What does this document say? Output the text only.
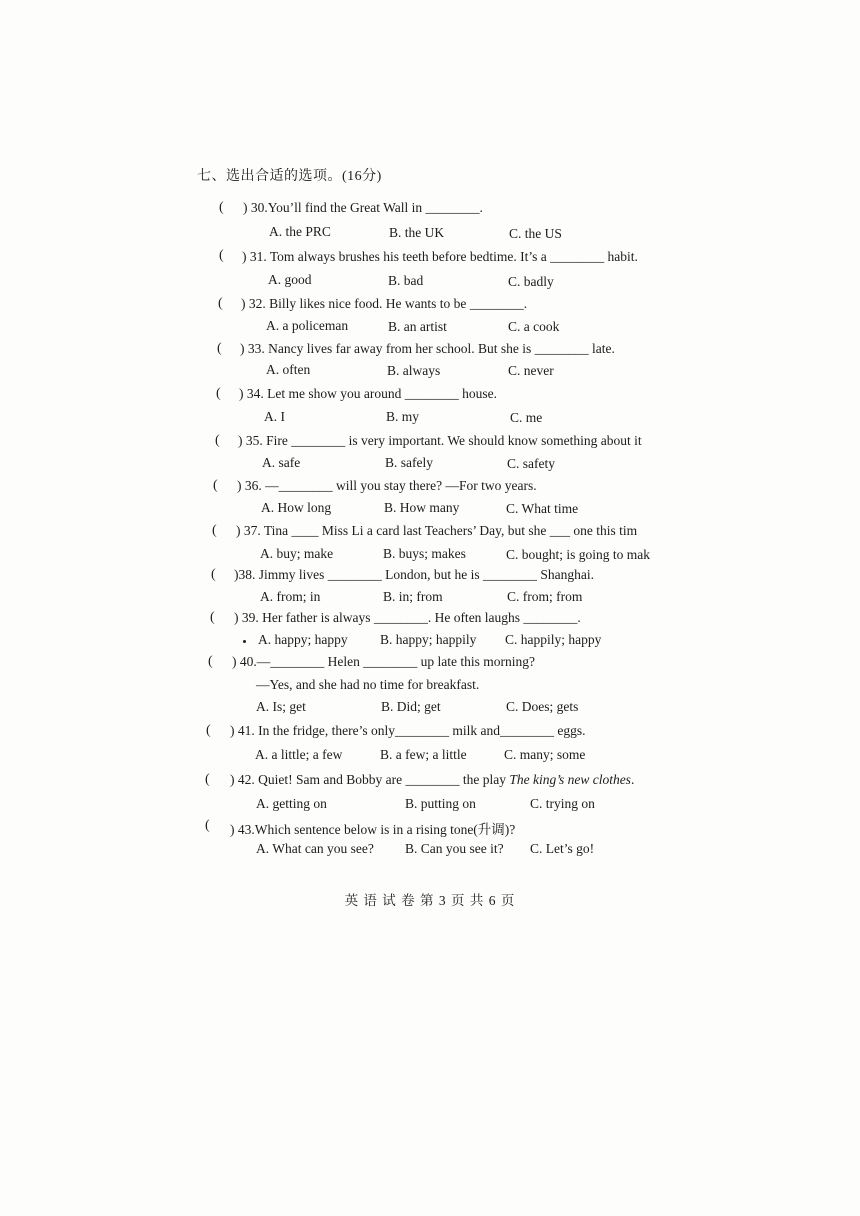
七、选出合适的选项。(16分)
( ) 30.You’ll find the Great Wall in ________.
A. the PRC	B. the UK	C. the US
( ) 31. Tom always brushes his teeth before bedtime. It’s a ________ habit.
A. good	B. bad	C. badly
( ) 32. Billy likes nice food. He wants to be ________.
A. a policeman	B. an artist	C. a cook
( ) 33. Nancy lives far away from her school. But she is ________ late.
A. often	B. always	C. never
( ) 34. Let me show you around ________ house.
A. I	B. my	C. me
( ) 35. Fire ________ is very important. We should know something about it
A. safe	B. safely	C. safety
( ) 36. —________ will you stay there? —For two years.
A. How long	B. How many	C. What time
( ) 37. Tina ____ Miss Li a card last Teachers’ Day, but she ___ one this tim
A. buy; make	B. buys; makes	C. bought; is going to mak
( )38. Jimmy lives ________ London, but he is ________ Shanghai.
A. from; in	B. in; from	C. from; from
( ) 39. Her father is always ________. He often laughs ________.
A. happy; happy B. happy; happily C. happily; happy
( ) 40.—________ Helen ________ up late this morning?
—Yes, and she had no time for breakfast.
A. Is; get	B. Did; get	C. Does; gets
( ) 41. In the fridge, there’s only________ milk and________ eggs.
A. a little; a few	B. a few; a little	C. many; some
( ) 42. Quiet! Sam and Bobby are ________ the play The king’s new clothes.
A. getting on	B. putting on	C. trying on
( ) 43.Which sentence below is in a rising tone(升调)?
A. What can you see? B. Can you see it? C. Let’s go!
英 语 试 卷 第 3 页 共 6 页
